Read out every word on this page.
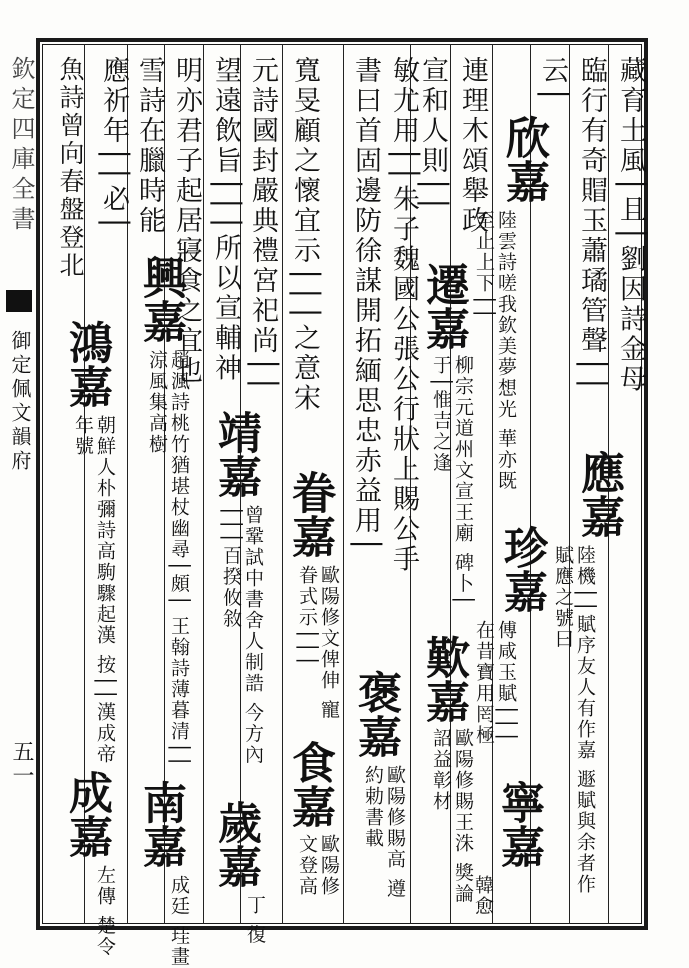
欽定四庫全書
御定佩文韻府
五一
藏育土風│且│劉因詩金母
臨行有奇賵玉蕭璚管聲││
云│
連理木頌舉政
宣和人則││
敏尤用││朱子魏國公張公行狀上賜公手
書曰首固邊防徐謀開拓緬思忠赤益用│
寬旻顧之懷宜示│││之意宋
元詩國封嚴典禮宮祀尚││
望遠飲旨│││所以宣輔神
明亦君子起居寢食之宜也
雪詩在臘時能
應祈年││必│
魚詩曾向春盤登北
應嘉
欣嘉
珍嘉
寧嘉
遷嘉
歎嘉
褒嘉
眷嘉
食嘉
靖嘉
歲嘉
興嘉
南嘉
鴻嘉
成嘉	陸機││賦序友人有作嘉 遯賦與余者作賦應之號曰
陸雲詩嗟我欽美夢想光 華亦既至止上下││
傅咸玉賦│││ 在昔寶用罔極
韓愈
柳宗元道州文宣王廟 碑卜│于│惟吉之逢
歐陽修賜王洙 獎論詔益彰材
歐陽修賜高 遵約勅書載
歐陽修文俾伸 寵眷式示│││
歐陽修 文登高
曾鞏試中書舍人制誥 今方內│││百揆攸敘
丁 復
趙渢詩桃竹猶堪杖幽尋│頗│ 王翰詩薄暮清││涼風集高樹
成廷 珪畫
朝鮮人朴彌詩高駒驟起漢 按││漢成帝年號
左傳 楚令
